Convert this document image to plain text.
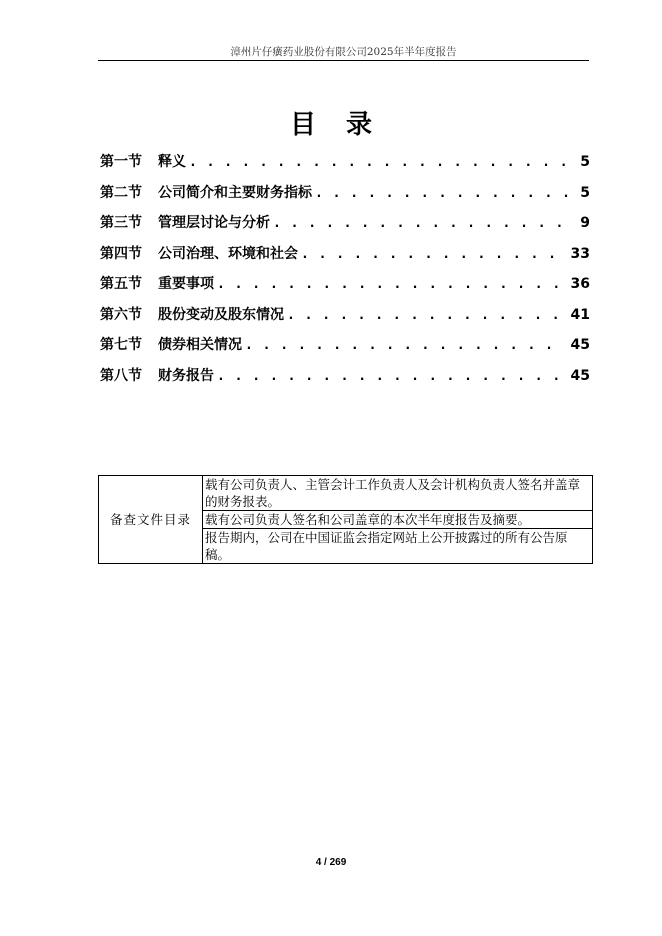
漳州片仔癀药业股份有限公司2025年半年度报告
目录
第一节	释义 . . .	5
第二节	公司简介和主要财务指标 . . .	5
第三节	管理层讨论与分析 . . .	9
第四节	公司治理、环境和社会 . . .	33
第五节	重要事项 . . .	36
第六节	股份变动及股东情况 . . .	41
第七节	债券相关情况 . . .	45
第八节	财务报告 . . .	45
备查文件目录	载有公司负责人、主管会计工作负责人及会计机构负责人签名并盖章的财务报表。
载有公司负责人签名和公司盖章的本次半年度报告及摘要。
报告期内，公司在中国证监会指定网站上公开披露过的所有公告原稿。
4 / 269
